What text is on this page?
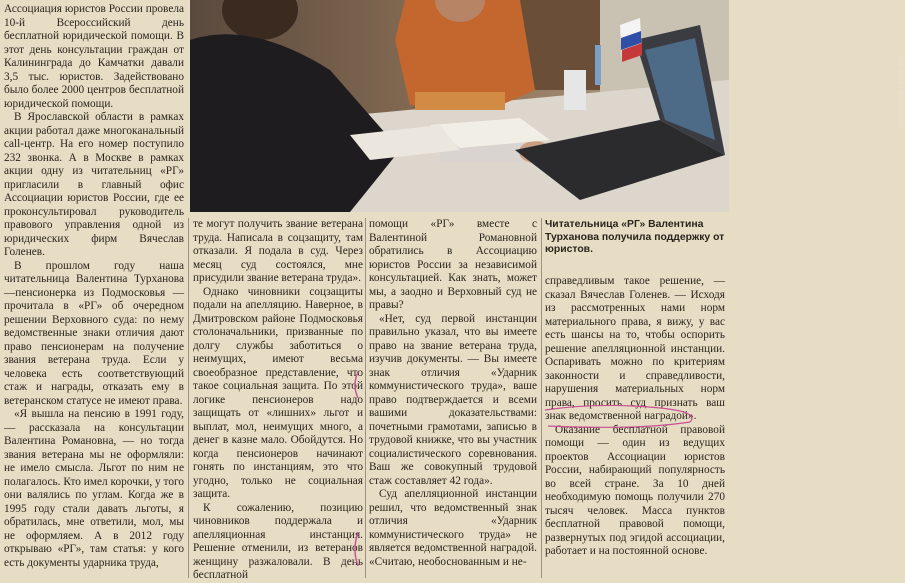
Ассоциация юристов России провела 10-й Всероссийский день бесплатной юридической помощи. В этот день консультации граждан от Калининграда до Камчатки давали 3,5 тыс. юристов. Задействовано было более 2000 центров бесплатной юридической помощи.

В Ярославской области в рамках акции работал даже многоканальный call-центр. На его номер поступило 232 звонка. А в Москве в рамках акции одну из читательниц «РГ» пригласили в главный офис Ассоциации юристов России, где ее проконсультировал руководитель правового управления одной из юридических фирм Вячеслав Голенев.

В прошлом году наша читательница Валентина Турханова —пенсионерка из Подмосковья — прочитала в «РГ» об очередном решении Верховного суда: по нему ведомственные знаки отличия дают право пенсионерам на получение звания ветерана труда. Если у человека есть соответствующий стаж и награды, отказать ему в ветеранском статусе не имеют права.

«Я вышла на пенсию в 1991 году, — рассказала на консультации Валентина Романовна, — но тогда звания ветерана мы не оформляли: не имело смысла. Льгот по ним не полагалось. Кто имел корочки, у того они валялись по углам. Когда же в 1995 году стали давать льготы, я обратилась, мне ответили, мол, мы не оформляем. А в 2012 году открываю «РГ», там статья: у кого есть документы ударника труда,

ВЛАДИСЛАВ КУЗНЕЦОВ
Читательница «РГ» Валентина Турханова получила поддержку от юристов.

те могут получить звание ветерана труда. Написала в соцзащиту, там отказали. Я подала в суд. Через месяц суд состоялся, мне присудили звание ветерана труда».

Однако чиновники соцзащиты подали на апелляцию. Наверное, в Дмитровском районе Подмосковья столоначальники, призванные по долгу службы заботиться о неимущих, имеют весьма своеобразное представление, что такое социальная защита. По этой логике пенсионеров надо защищать от «лишних» льгот и выплат, мол, неимущих много, а денег в казне мало. Обойдутся. Но когда пенсионеров начинают гонять по инстанциям, это что угодно, только не социальная защита.

К сожалению, позицию чиновников поддержала и апелляционная инстанция. Решение отменили, из ветеранов женщину разжаловали. В день бесплатной

помощи «РГ» вместе с Валентиной Романовной обратились в Ассоциацию юристов России за независимой консультацией. Как знать, может мы, а заодно и Верховный суд не правы?

«Нет, суд первой инстанции правильно указал, что вы имеете право на звание ветерана труда, изучив документы. — Вы имеете знак отличия «Ударник коммунистического труда», ваше право подтверждается и всеми вашими доказательствами: почетными грамотами, записью в трудовой книжке, что вы участник социалистического соревнования. Ваш же совокупный трудовой стаж составляет 42 года».

Суд апелляционной инстанции решил, что ведомственный знак отличия «Ударник коммунистического труда» не является ведомственной наградой. «Считаю, необоснованным и не-

справедливым такое решение, — сказал Вячеслав Голенев. — Исходя из рассмотренных нами норм материального права, я вижу, у вас есть шансы на то, чтобы оспорить решение апелляционной инстанции. Оспаривать можно по критериям законности и справедливости, нарушения материальных норм права, просить суд признать ваш знак ведомственной наградой».

Оказание бесплатной правовой помощи — один из ведущих проектов Ассоциации юристов России, набирающий популярность во всей стране. За 10 дней необходимую помощь получили 270 тысяч человек. Масса пунктов бесплатной правовой помощи, развернутых под эгидой ассоциации, работает и на постоянной основе.
